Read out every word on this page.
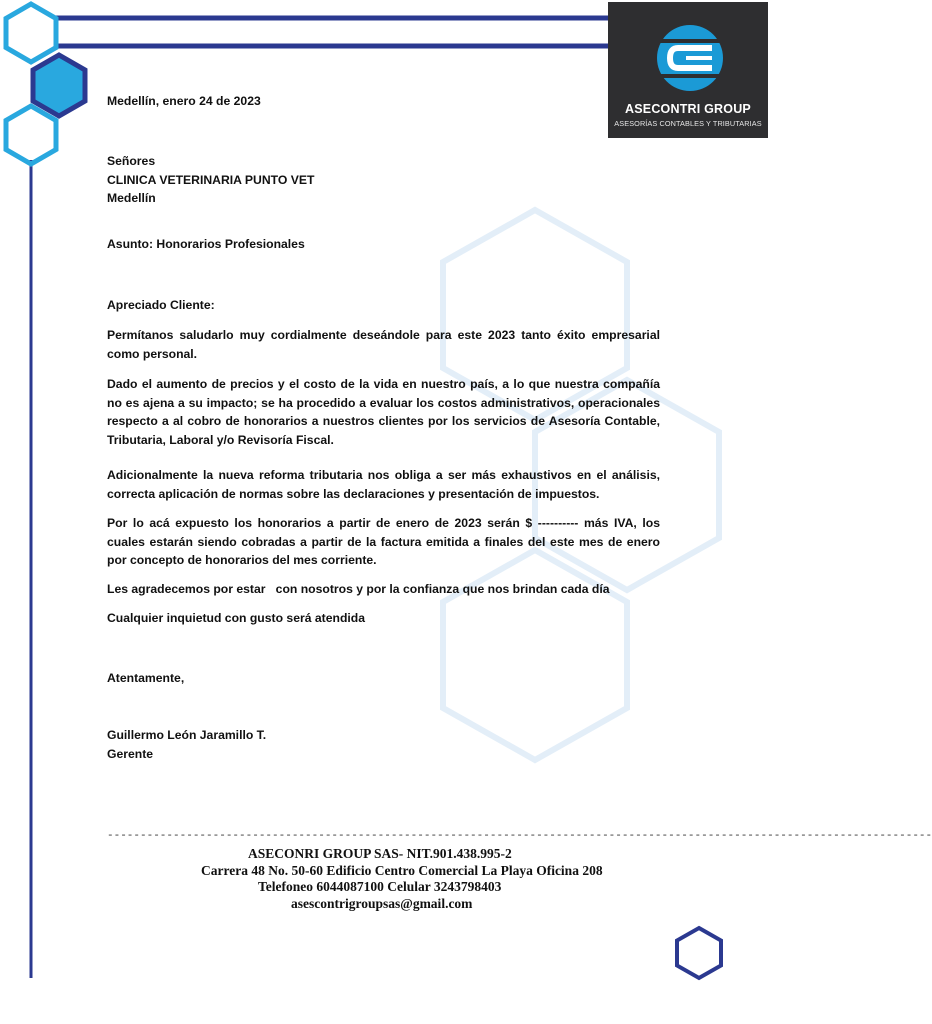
ASECONTRI GROUP
ASESORÍAS CONTABLES Y TRIBUTARIAS
Medellín, enero 24 de 2023
Señores
CLINICA VETERINARIA PUNTO VET
Medellín
Asunto: Honorarios Profesionales
Apreciado Cliente:
Permítanos saludarlo muy cordialmente deseándole para este 2023 tanto éxito empresarial como personal.
Dado el aumento de precios y el costo de la vida en nuestro país, a lo que nuestra compañía no es ajena a su impacto; se ha procedido a evaluar los costos administrativos, operacionales respecto a al cobro de honorarios a nuestros clientes por los servicios de Asesoría Contable, Tributaria, Laboral y/o Revisoría Fiscal.
Adicionalmente la nueva reforma tributaria nos obliga a ser más exhaustivos en el análisis, correcta aplicación de normas sobre las declaraciones y presentación de impuestos.
Por lo acá expuesto los honorarios a partir de enero de 2023 serán $ ---------- más IVA, los cuales estarán siendo cobradas a partir de la factura emitida a finales del este mes de enero por concepto de honorarios del mes corriente.
Les agradecemos por estar   con nosotros y por la confianza que nos brindan cada día
Cualquier inquietud con gusto será atendida
Atentamente,
Guillermo León Jaramillo T.
Gerente
-----------------------------------------------------------------------------------------------------------------------------
ASECONRI GROUP SAS- NIT.901.438.995-2
Carrera 48 No. 50-60 Edificio Centro Comercial La Playa Oficina 208
Telefoneo 6044087100 Celular 3243798403
asescontrigroupsas@gmail.com
